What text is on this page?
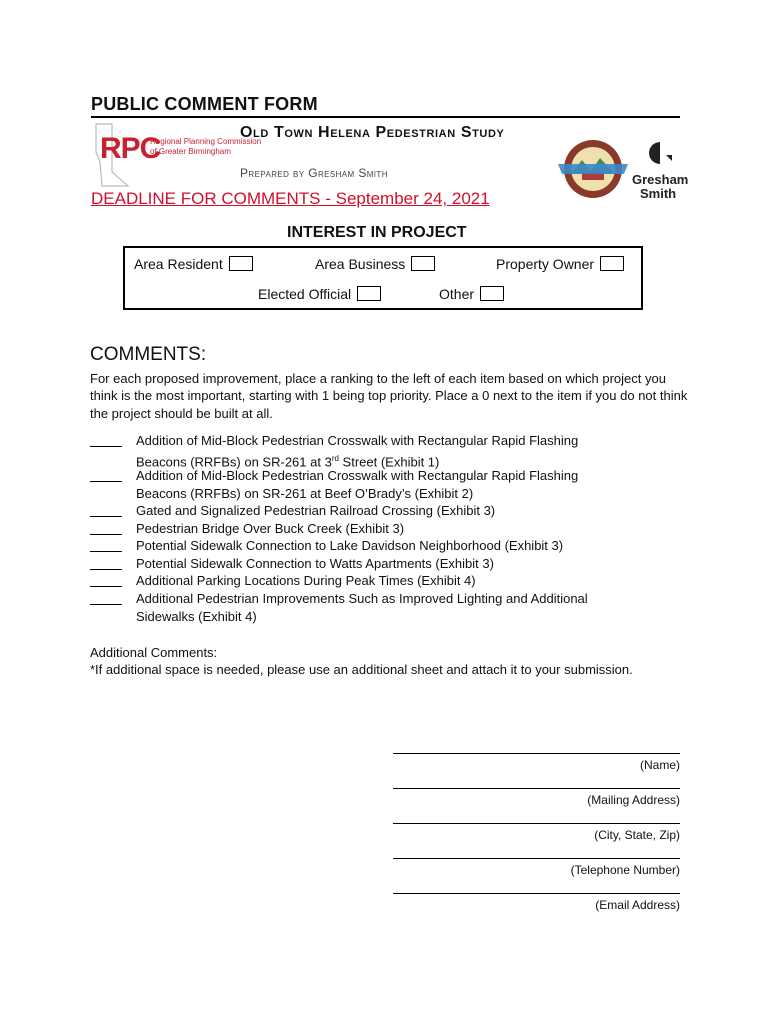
PUBLIC COMMENT FORM
RPC
Regional Planning Commission
of Greater Birmingham
Old Town Helena Pedestrian Study
Prepared by Gresham Smith	Gresham
Smith
DEADLINE FOR COMMENTS - September 24, 2021
INTEREST IN PROJECT
Area Resident	Area Business	Property Owner
Elected Official	Other
COMMENTS:
For each proposed improvement, place a ranking to the left of each item based on which project you think is the most important, starting with 1 being top priority. Place a 0 next to the item if you do not think the project should be built at all.
Addition of Mid-Block Pedestrian Crosswalk with Rectangular Rapid Flashing
Beacons (RRFBs) on SR-261 at 3rd Street (Exhibit 1)
Addition of Mid-Block Pedestrian Crosswalk with Rectangular Rapid Flashing
Beacons (RRFBs) on SR-261 at Beef O’Brady’s (Exhibit 2)
Gated and Signalized Pedestrian Railroad Crossing (Exhibit 3)
Pedestrian Bridge Over Buck Creek (Exhibit 3)
Potential Sidewalk Connection to Lake Davidson Neighborhood (Exhibit 3)
Potential Sidewalk Connection to Watts Apartments (Exhibit 3)
Additional Parking Locations During Peak Times (Exhibit 4)
Additional Pedestrian Improvements Such as Improved Lighting and Additional
Sidewalks (Exhibit 4)
Additional Comments:
*If additional space is needed, please use an additional sheet and attach it to your submission.
(Name)
(Mailing Address)
(City, State, Zip)
(Telephone Number)
(Email Address)
